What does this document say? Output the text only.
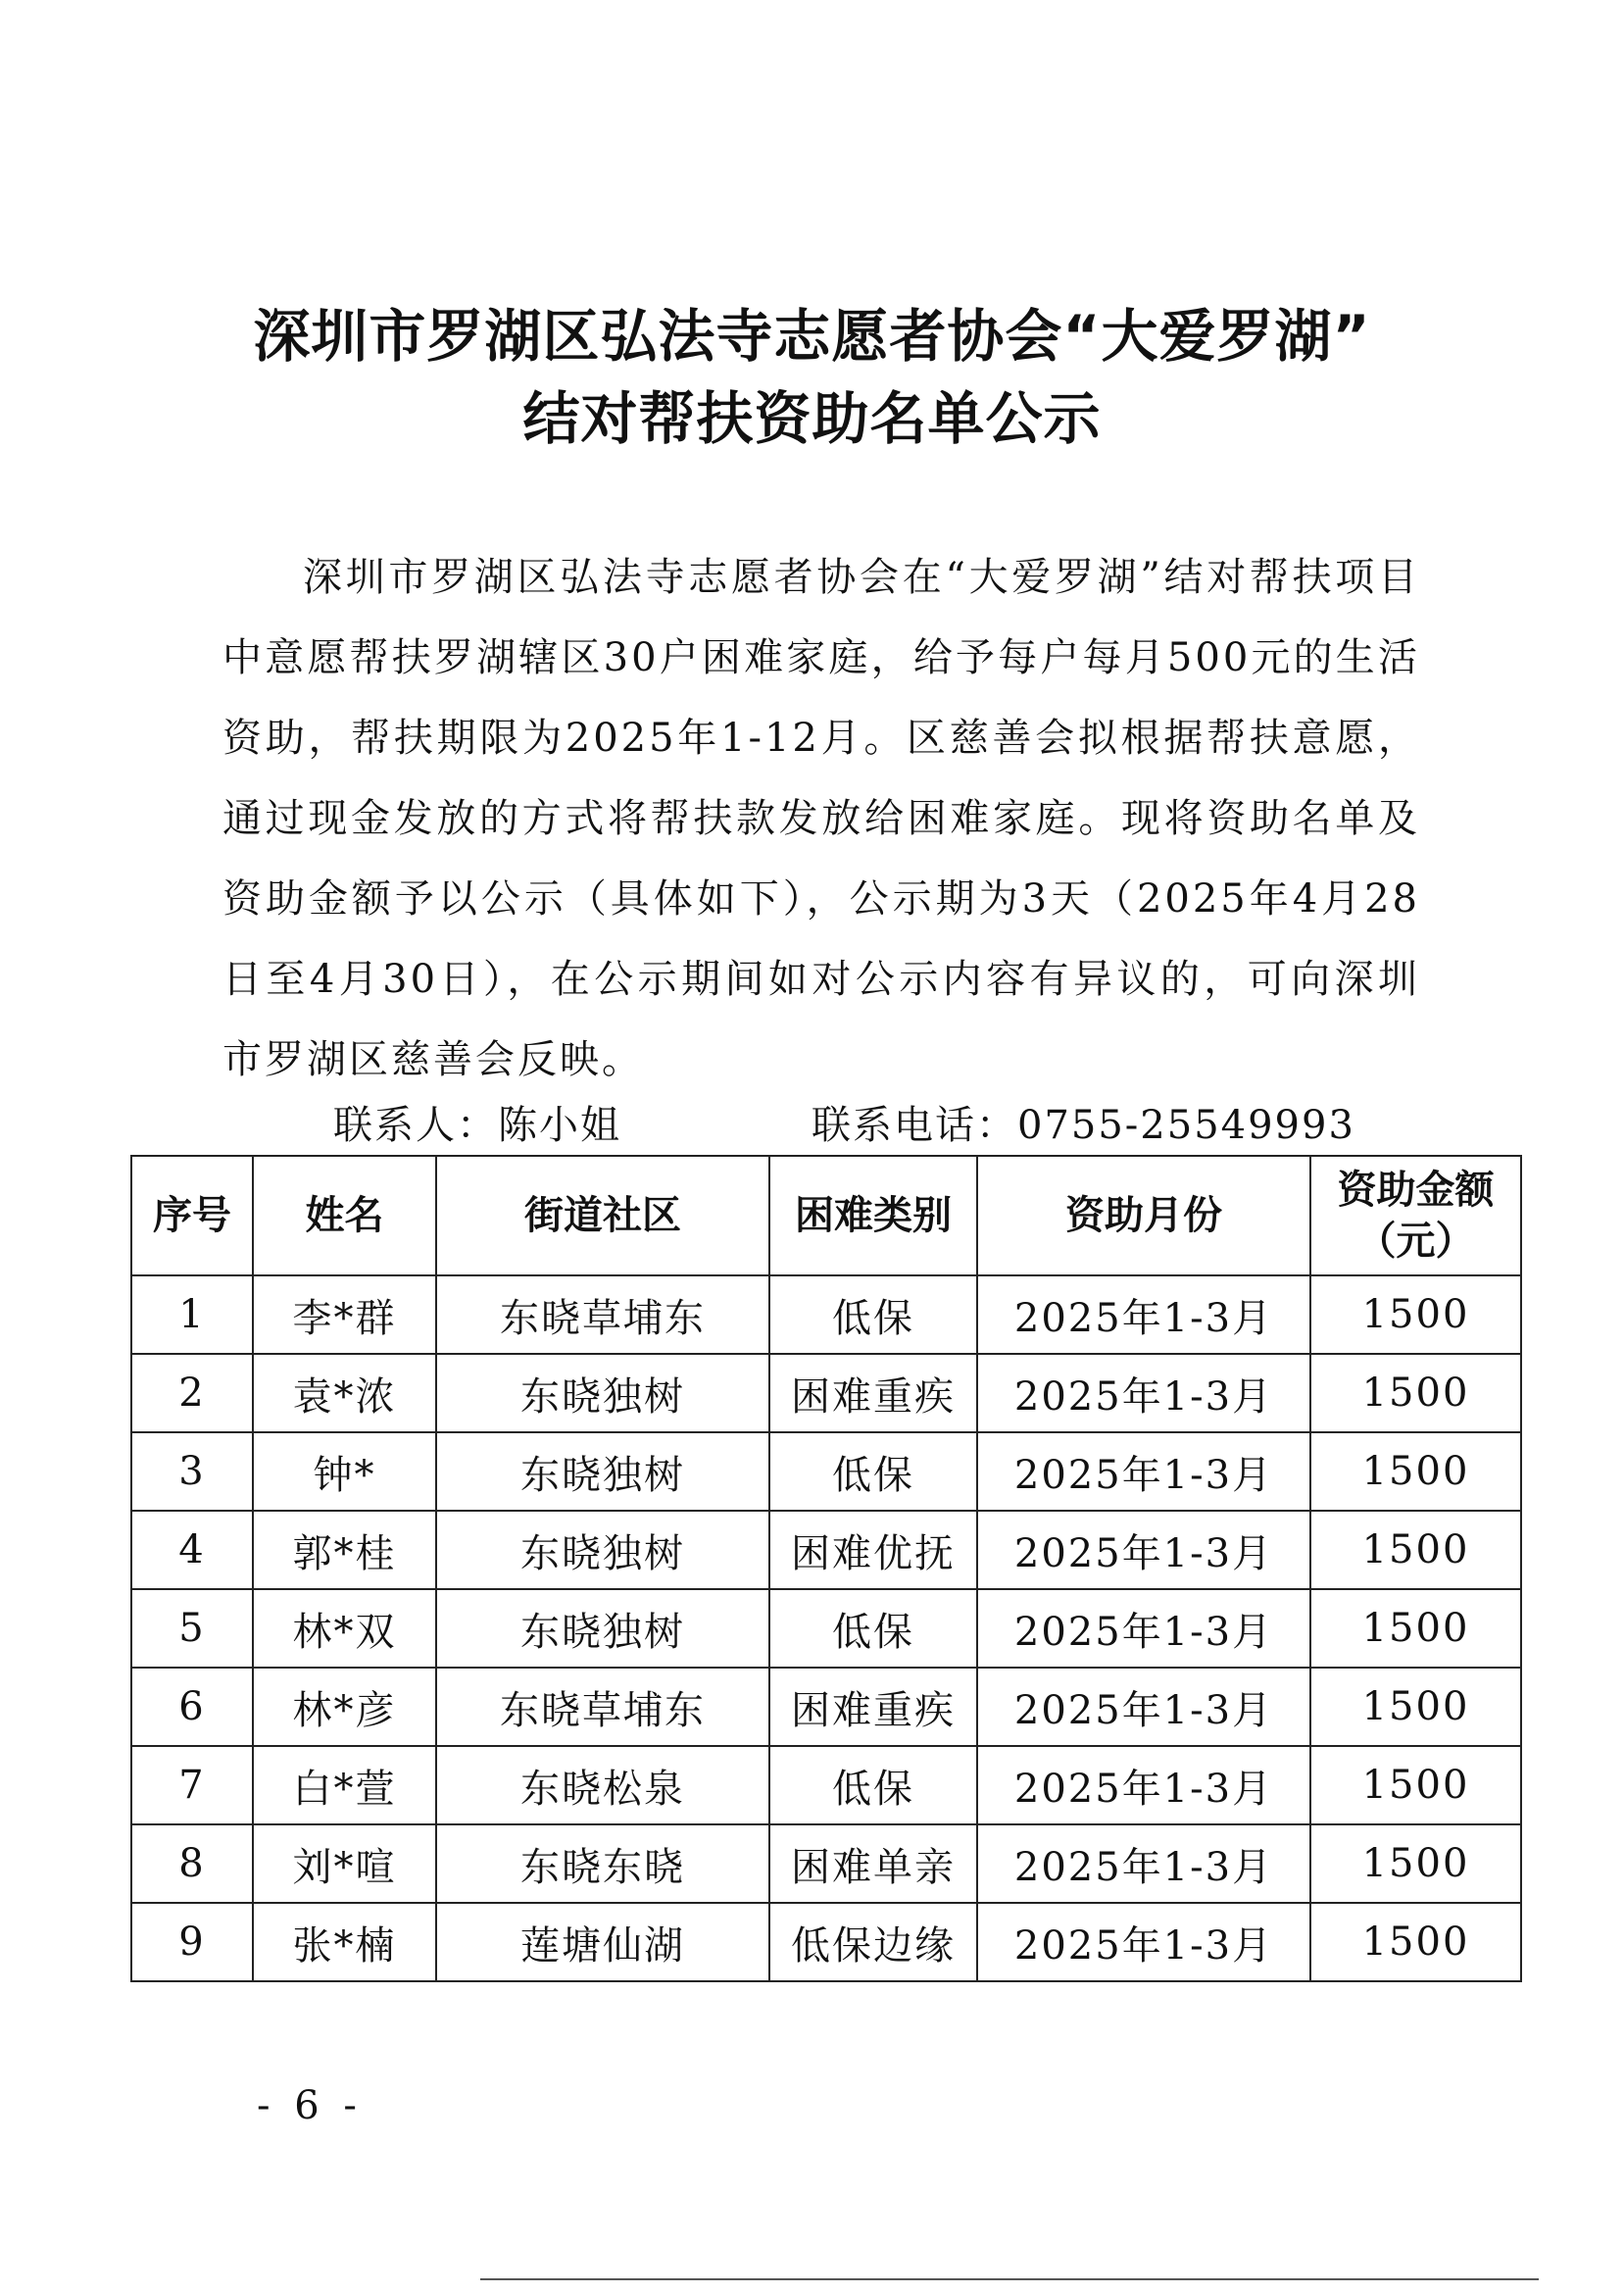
深圳市罗湖区弘法寺志愿者协会“大爱罗湖”
结对帮扶资助名单公示

深圳市罗湖区弘法寺志愿者协会在“大爱罗湖”结对帮扶项目中意愿帮扶罗湖辖区30户困难家庭，给予每户每月500元的生活资助，帮扶期限为2025年1-12月。区慈善会拟根据帮扶意愿，通过现金发放的方式将帮扶款发放给困难家庭。现将资助名单及资助金额予以公示（具体如下），公示期为3天（2025年4月28日至4月30日），在公示期间如对公示内容有异议的，可向深圳市罗湖区慈善会反映。

联系人：陈小姐	联系电话：0755-25549993
序号	姓名	街道社区	困难类别	资助月份	资助金额
（元）

1	李*群	东晓草埔东	低保	2025年1-3月	1500
2	袁*浓	东晓独树	困难重疾	2025年1-3月	1500
3	钟*	东晓独树	低保	2025年1-3月	1500
4	郭*桂	东晓独树	困难优抚	2025年1-3月	1500
5	林*双	东晓独树	低保	2025年1-3月	1500
6	林*彦	东晓草埔东	困难重疾	2025年1-3月	1500
7	白*萱	东晓松泉	低保	2025年1-3月	1500
8	刘*喧	东晓东晓	困难单亲	2025年1-3月	1500
9	张*楠	莲塘仙湖	低保边缘	2025年1-3月	1500
- 6 -
